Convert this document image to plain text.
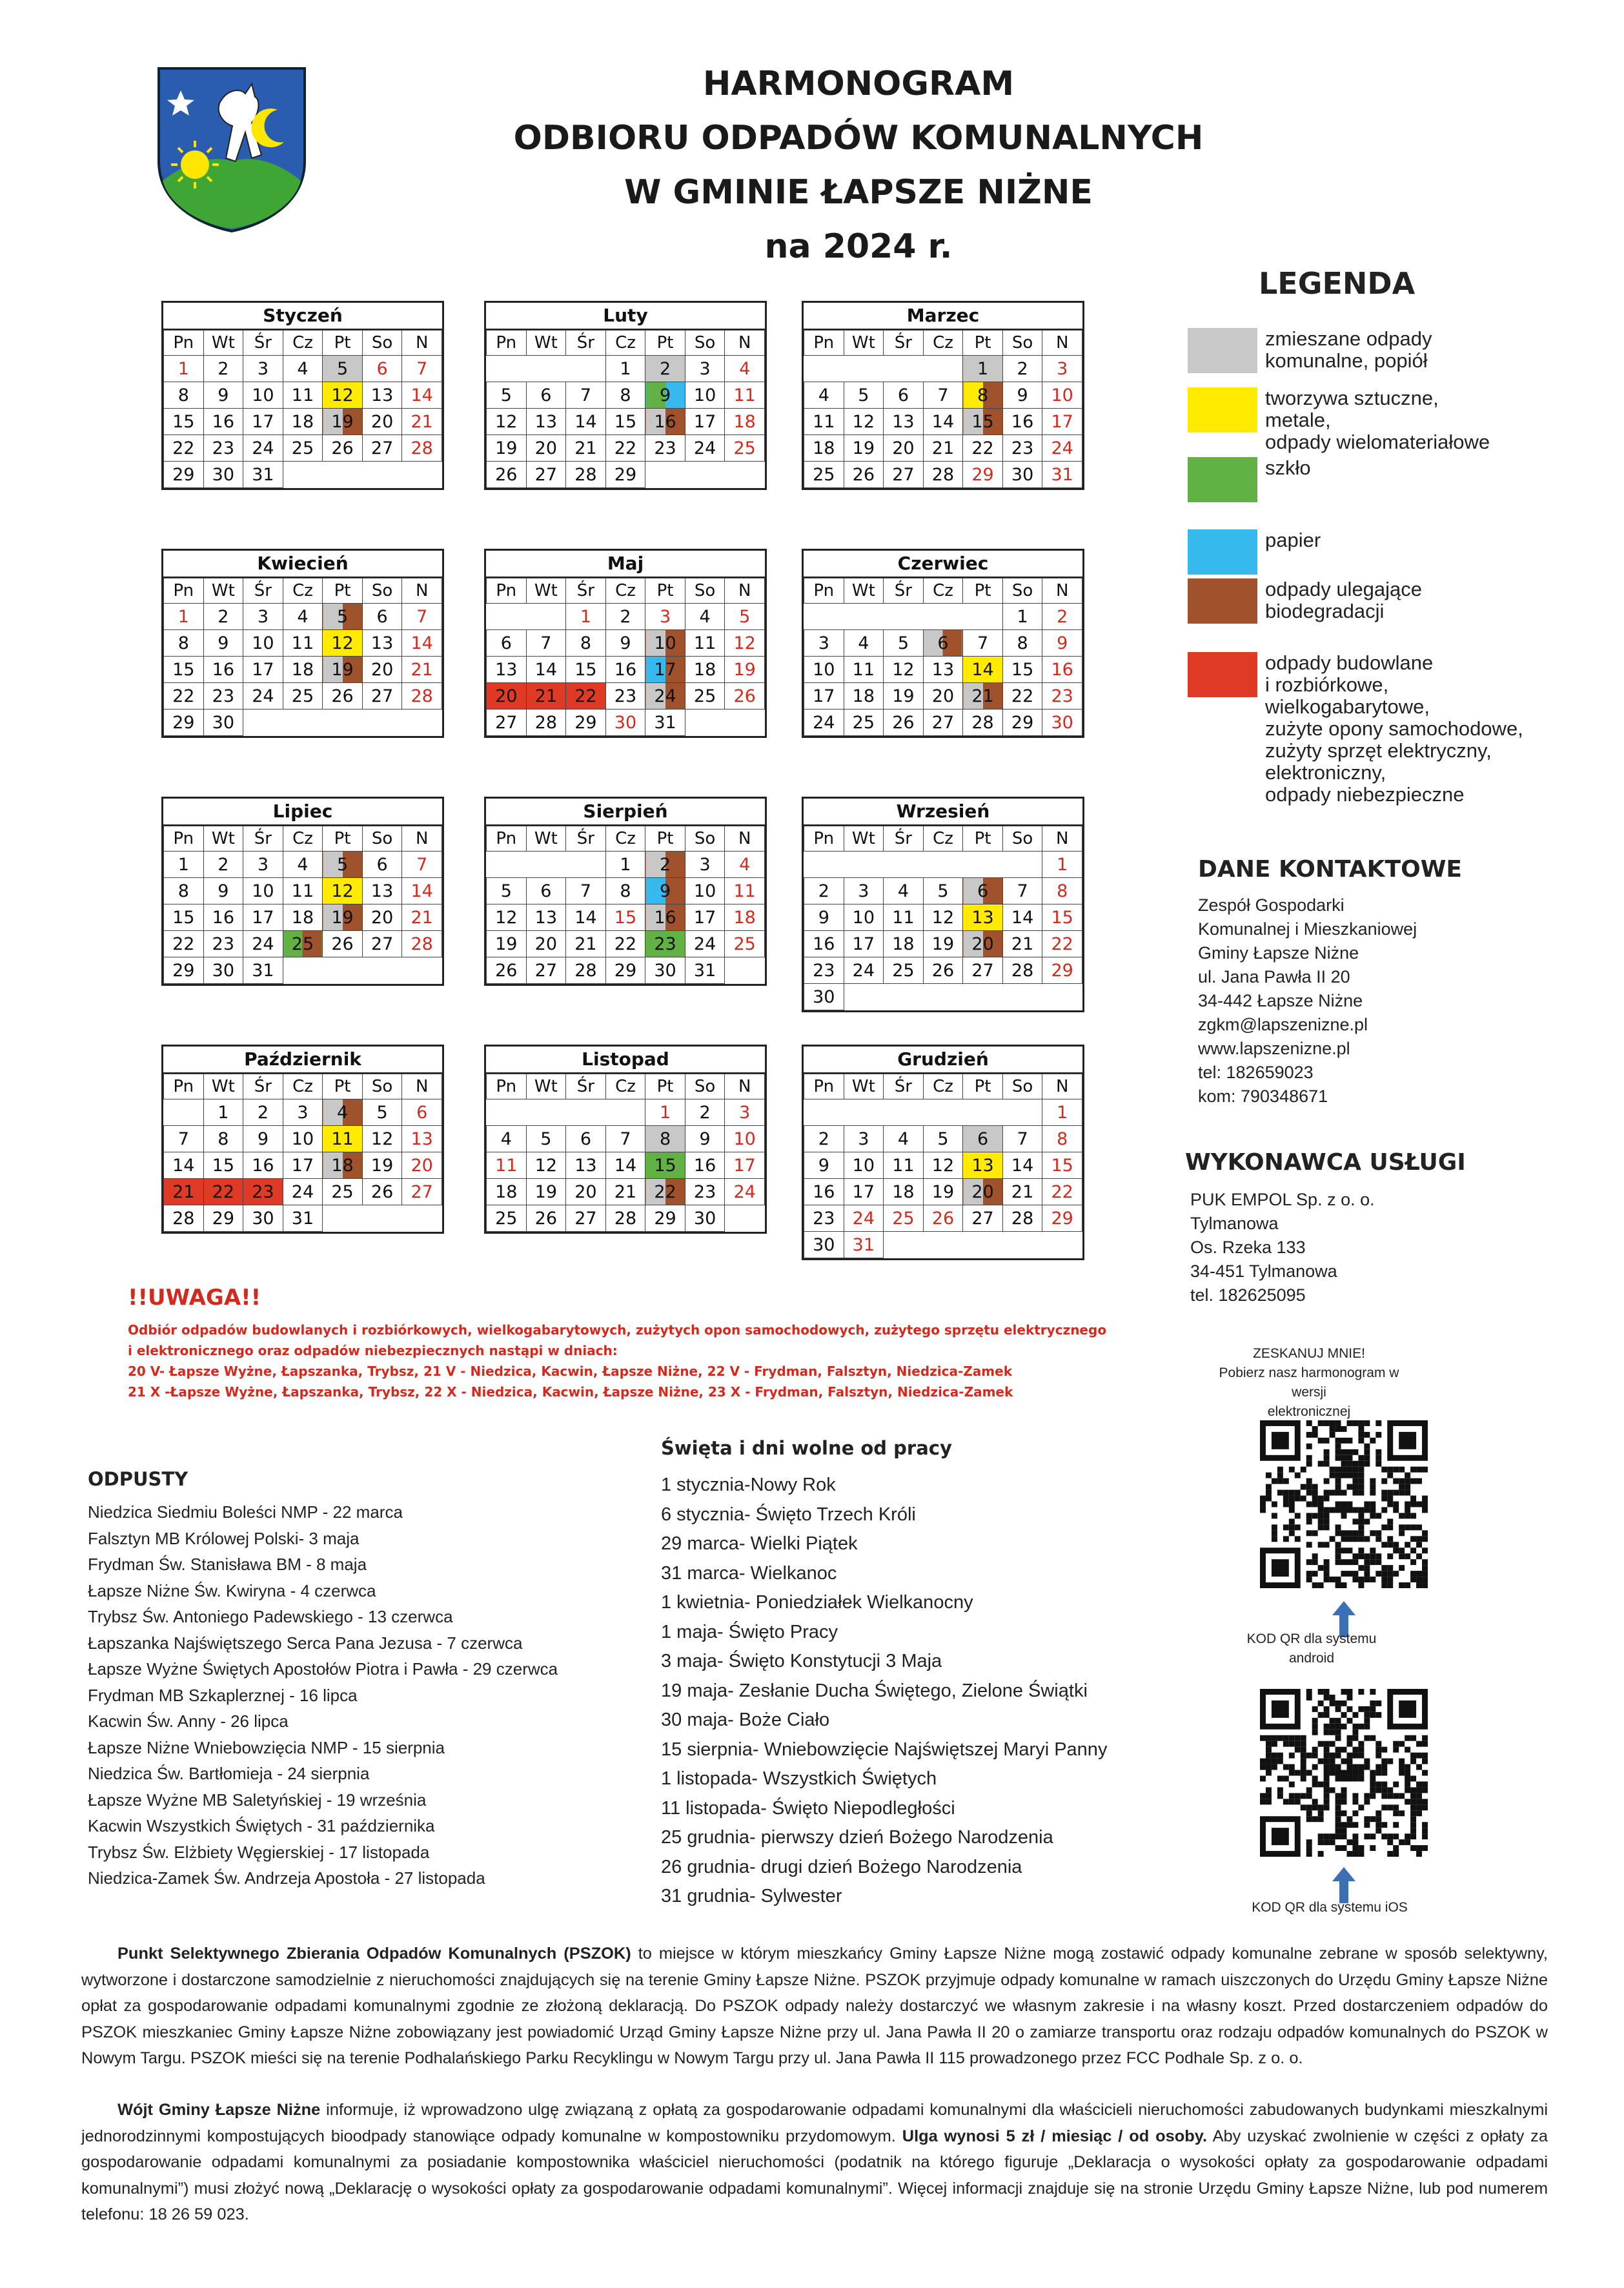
HARMONOGRAM
ODBIORU ODPADÓW KOMUNALNYCH
W GMINIE ŁAPSZE NIŻNE
na 2024 r.
Styczeń
Pn	Wt	Śr	Cz	Pt	So	N
1	2	3	4	5	6	7
8	9	10	11	12	13	14
15	16	17	18	19	20	21
22	23	24	25	26	27	28
29	30	31				
Luty
Pn	Wt	Śr	Cz	Pt	So	N
			1	2	3	4
5	6	7	8	9	10	11
12	13	14	15	16	17	18
19	20	21	22	23	24	25
26	27	28	29			
Marzec
Pn	Wt	Śr	Cz	Pt	So	N
				1	2	3
4	5	6	7	8	9	10
11	12	13	14	15	16	17
18	19	20	21	22	23	24
25	26	27	28	29	30	31
Kwiecień
Pn	Wt	Śr	Cz	Pt	So	N
1	2	3	4	5	6	7
8	9	10	11	12	13	14
15	16	17	18	19	20	21
22	23	24	25	26	27	28
29	30					
Maj
Pn	Wt	Śr	Cz	Pt	So	N
		1	2	3	4	5
6	7	8	9	10	11	12
13	14	15	16	17	18	19
20	21	22	23	24	25	26
27	28	29	30	31		
Czerwiec
Pn	Wt	Śr	Cz	Pt	So	N
					1	2
3	4	5	6	7	8	9
10	11	12	13	14	15	16
17	18	19	20	21	22	23
24	25	26	27	28	29	30
Lipiec
Pn	Wt	Śr	Cz	Pt	So	N
1	2	3	4	5	6	7
8	9	10	11	12	13	14
15	16	17	18	19	20	21
22	23	24	25	26	27	28
29	30	31				
Sierpień
Pn	Wt	Śr	Cz	Pt	So	N
			1	2	3	4
5	6	7	8	9	10	11
12	13	14	15	16	17	18
19	20	21	22	23	24	25
26	27	28	29	30	31	
Wrzesień
Pn	Wt	Śr	Cz	Pt	So	N
						1
2	3	4	5	6	7	8
9	10	11	12	13	14	15
16	17	18	19	20	21	22
23	24	25	26	27	28	29
30						
Październik
Pn	Wt	Śr	Cz	Pt	So	N
	1	2	3	4	5	6
7	8	9	10	11	12	13
14	15	16	17	18	19	20
21	22	23	24	25	26	27
28	29	30	31			
Listopad
Pn	Wt	Śr	Cz	Pt	So	N
				1	2	3
4	5	6	7	8	9	10
11	12	13	14	15	16	17
18	19	20	21	22	23	24
25	26	27	28	29	30	
Grudzień
Pn	Wt	Śr	Cz	Pt	So	N
						1
2	3	4	5	6	7	8
9	10	11	12	13	14	15
16	17	18	19	20	21	22
23	24	25	26	27	28	29
30	31					
LEGENDA
zmieszane odpady
komunalne, popiół
tworzywa sztuczne,
metale,
odpady wielomateriałowe
szkło
papier
odpady ulegające
biodegradacji
odpady budowlane
i rozbiórkowe,
wielkogabarytowe,
zużyte opony samochodowe,
zużyty sprzęt elektryczny,
elektroniczny,
odpady niebezpieczne
DANE KONTAKTOWE
Zespół Gospodarki
Komunalnej i Mieszkaniowej
Gminy Łapsze Niżne
ul. Jana Pawła II 20
34-442 Łapsze Niżne
zgkm@lapszenizne.pl
www.lapszenizne.pl
tel: 182659023
kom: 790348671
WYKONAWCA USŁUGI
PUK EMPOL Sp. z o. o.
Tylmanowa
Os. Rzeka 133
34-451 Tylmanowa
tel. 182625095
!!UWAGA!!
Odbiór odpadów budowlanych i rozbiórkowych, wielkogabarytowych, zużytych opon samochodowych, zużytego sprzętu elektrycznego
i elektronicznego oraz odpadów niebezpiecznych nastąpi w dniach:
20 V- Łapsze Wyżne, Łapszanka, Trybsz, 21 V - Niedzica, Kacwin, Łapsze Niżne, 22 V - Frydman, Falsztyn, Niedzica-Zamek
21 X -Łapsze Wyżne, Łapszanka, Trybsz, 22 X - Niedzica, Kacwin, Łapsze Niżne, 23 X - Frydman, Falsztyn, Niedzica-Zamek
ODPUSTY
Niedzica Siedmiu Boleści NMP - 22 marca
Falsztyn MB Królowej Polski- 3 maja
Frydman Św. Stanisława BM - 8 maja
Łapsze Niżne Św. Kwiryna - 4 czerwca
Trybsz Św. Antoniego Padewskiego - 13 czerwca
Łapszanka Najświętszego Serca Pana Jezusa - 7 czerwca
Łapsze Wyżne Świętych Apostołów Piotra i Pawła - 29 czerwca
Frydman MB Szkaplerznej - 16 lipca
Kacwin Św. Anny - 26 lipca
Łapsze Niżne Wniebowzięcia NMP - 15 sierpnia
Niedzica Św. Bartłomieja - 24 sierpnia
Łapsze Wyżne MB Saletyńskiej - 19 września
Kacwin Wszystkich Świętych - 31 października
Trybsz Św. Elżbiety Węgierskiej - 17 listopada
Niedzica-Zamek Św. Andrzeja Apostoła - 27 listopada
Święta i dni wolne od pracy
1 stycznia-Nowy Rok
6 stycznia- Święto Trzech Króli
29 marca- Wielki Piątek
31 marca- Wielkanoc
1 kwietnia- Poniedziałek Wielkanocny
1 maja- Święto Pracy
3 maja- Święto Konstytucji 3 Maja
19 maja- Zesłanie Ducha Świętego, Zielone Świątki
30 maja- Boże Ciało
15 sierpnia- Wniebowzięcie Najświętszej Maryi Panny
1 listopada- Wszystkich Świętych
11 listopada- Święto Niepodległości
25 grudnia- pierwszy dzień Bożego Narodzenia
26 grudnia- drugi dzień Bożego Narodzenia
31 grudnia- Sylwester
ZESKANUJ MNIE!
Pobierz nasz harmonogram w wersji
elektronicznej
KOD QR dla systemu android
KOD QR dla systemu iOS
Punkt Selektywnego Zbierania Odpadów Komunalnych (PSZOK) to miejsce w którym mieszkańcy Gminy Łapsze Niżne mogą zostawić odpady komunalne zebrane w sposób selektywny, wytworzone i dostarczone samodzielnie z nieruchomości znajdujących się na terenie Gminy Łapsze Niżne. PSZOK przyjmuje odpady komunalne w ramach uiszczonych do Urzędu Gminy Łapsze Niżne opłat za gospodarowanie odpadami komunalnymi zgodnie ze złożoną deklaracją. Do PSZOK odpady należy dostarczyć we własnym zakresie i na własny koszt. Przed dostarczeniem odpadów do PSZOK mieszkaniec Gminy Łapsze Niżne zobowiązany jest powiadomić Urząd Gminy Łapsze Niżne przy ul. Jana Pawła II 20 o zamiarze transportu oraz rodzaju odpadów komunalnych do PSZOK w Nowym Targu. PSZOK mieści się na terenie Podhalańskiego Parku Recyklingu w Nowym Targu przy ul. Jana Pawła II 115 prowadzonego przez FCC Podhale Sp. z o. o.
Wójt Gminy Łapsze Niżne informuje, iż wprowadzono ulgę związaną z opłatą za gospodarowanie odpadami komunalnymi dla właścicieli nieruchomości zabudowanych budynkami mieszkalnymi jednorodzinnymi kompostujących bioodpady stanowiące odpady komunalne w kompostowniku przydomowym. Ulga wynosi 5 zł / miesiąc / od osoby. Aby uzyskać zwolnienie w części z opłaty za gospodarowanie odpadami komunalnymi za posiadanie kompostownika właściciel nieruchomości (podatnik na którego figuruje „Deklaracja o wysokości opłaty za gospodarowanie odpadami komunalnymi”) musi złożyć nową „Deklarację o wysokości opłaty za gospodarowanie odpadami komunalnymi”. Więcej informacji znajduje się na stronie Urzędu Gminy Łapsze Niżne, lub pod numerem telefonu: 18 26 59 023.
